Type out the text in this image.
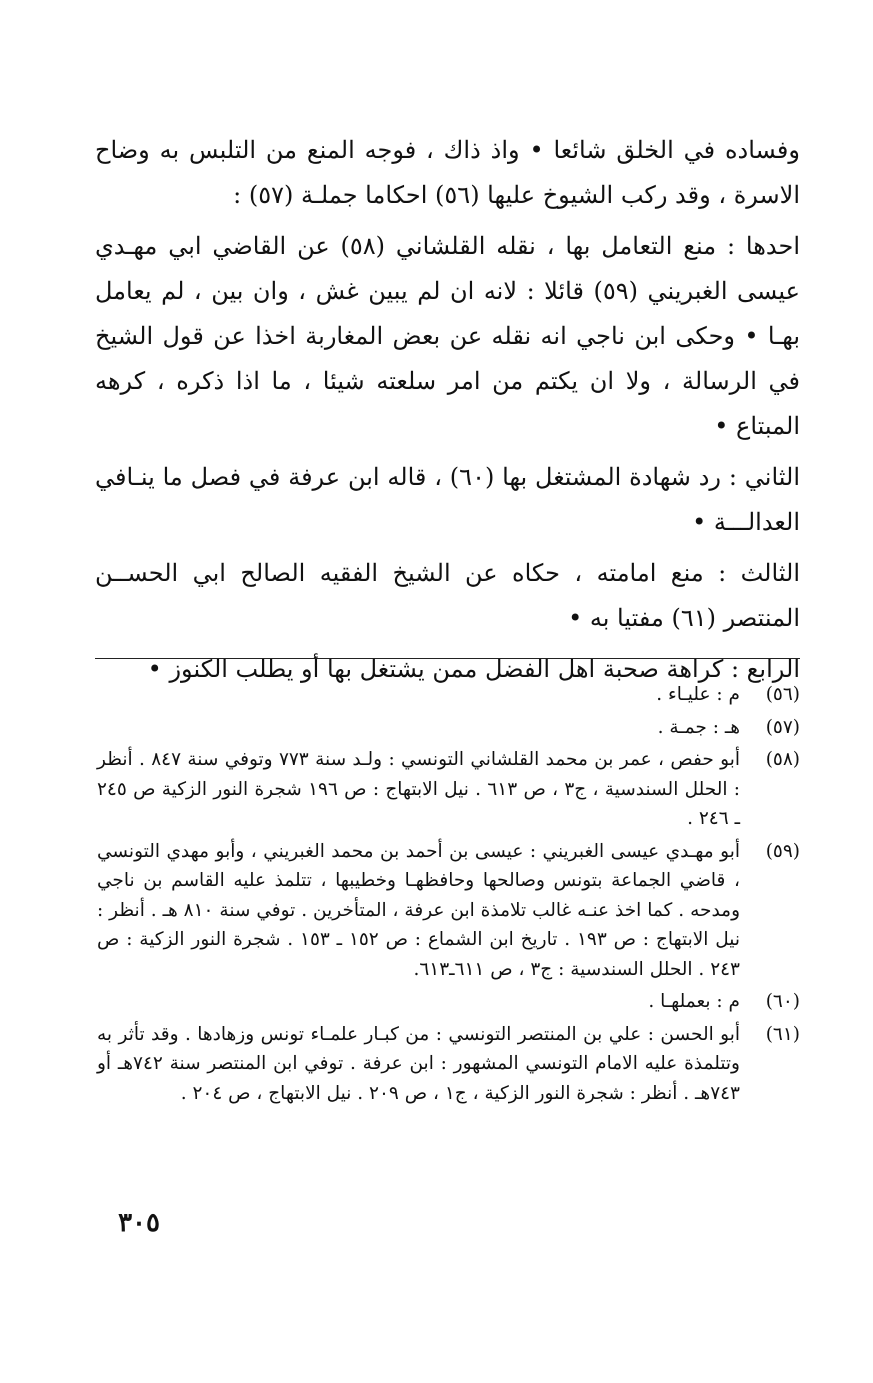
وفساده في الخلق شائعا • واذ ذاك ، فوجه المنع من التلبس به وضاح الاسرة ، وقد ركب الشيوخ عليها (٥٦) احكاما جملـة (٥٧) :

احدها : منع التعامل بها ، نقله القلشاني (٥٨) عن القاضي ابي مهـدي عيسى الغبريني (٥٩) قائلا : لانه ان لم يبين غش ، وان بين ، لم يعامل بهـا • وحكى ابن ناجي انه نقله عن بعض المغاربة اخذا عن قول الشيخ في الرسالة ، ولا ان يكتم من امر سلعته شيئا ، ما اذا ذكره ، كرهه المبتاع •

الثاني : رد شهادة المشتغل بها (٦٠) ، قاله ابن عرفة في فصل ما ينـافي العدالـــة •

الثالث : منع امامته ، حكاه عن الشيخ الفقيه الصالح ابي الحســن المنتصر (٦١) مفتيا به •

الرابع : كراهة صحبة اهل الفضل ممن يشتغل بها أو يطلب الكنوز •

(٥٦)
م : عليـاء .
(٥٧)
هـ : جمـة .
(٥٨)
أبو حفص ، عمر بن محمد القلشاني التونسي : ولـد سنة ٧٧٣ وتوفي سنة ٨٤٧ . أنظر : الحلل السندسية ، ج٣ ، ص ٦١٣ . نيل الابتهاج : ص ١٩٦ شجرة النور الزكية ص ٢٤٥ ـ ٢٤٦ .
(٥٩)
أبو مهـدي عيسى الغبريني : عيسى بن أحمد بن محمد الغبريني ، وأبو مهدي التونسي ، قاضي الجماعة بتونس وصالحها وحافظهـا وخطيبها ، تتلمذ عليه القاسم بن ناجي ومدحه . كما اخذ عنـه غالب تلامذة ابن عرفة ، المتأخرين . توفي سنة ٨١٠ هـ . أنظر : نيل الابتهاج : ص ١٩٣ . تاريخ ابن الشماع : ص ١٥٢ ـ ١٥٣ . شجرة النور الزكية : ص ٢٤٣ . الحلل السندسية : ج٣ ، ص ٦١١ـ٦١٣.
(٦٠)
م : بعملهـا .
(٦١)
أبو الحسن : علي بن المنتصر التونسي : من كبـار علمـاء تونس وزهادها . وقد تأثر به وتتلمذة عليه الامام التونسي المشهور : ابن عرفة . توفي ابن المنتصر سنة ٧٤٢هـ أو ٧٤٣هـ . أنظر : شجرة النور الزكية ، ج١ ، ص ٢٠٩ . نيل الابتهاج ، ص ٢٠٤ .
٣٠٥
